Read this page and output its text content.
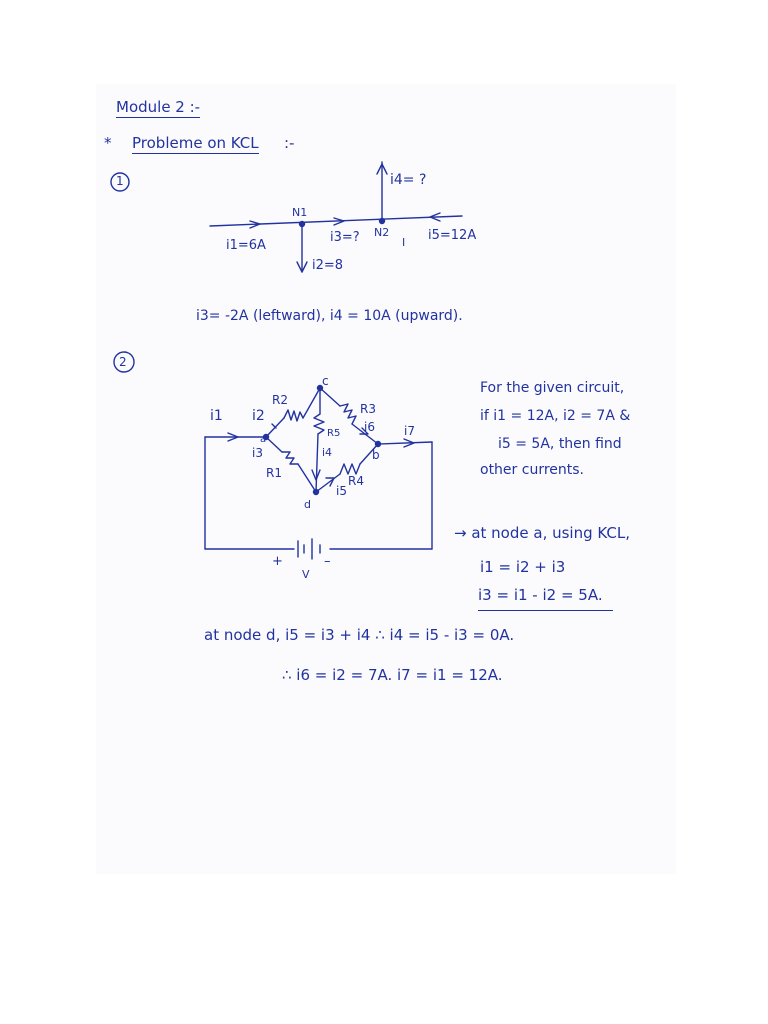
Module 2 :-
* Probleme on KCL :-
1	i4= ?
N1
i1=6A
i3=? N2
I i5=12A
i2=8
i3= -2A (leftward), i4 = 10A (upward).
2
c
R2
R3
i1 i2
R5 i6 i7
a
i3	i4	b
R1
R4
i5
d
+	–
V
For the given circuit,
if i1 = 12A, i2 = 7A &
i5 = 5A, then find
other currents.
→ at node a, using KCL,
i1 = i2 + i3
i3 = i1 - i2 = 5A.
at node d, i5 = i3 + i4 ∴ i4 = i5 - i3 = 0A.
∴ i6 = i2 = 7A. i7 = i1 = 12A.
